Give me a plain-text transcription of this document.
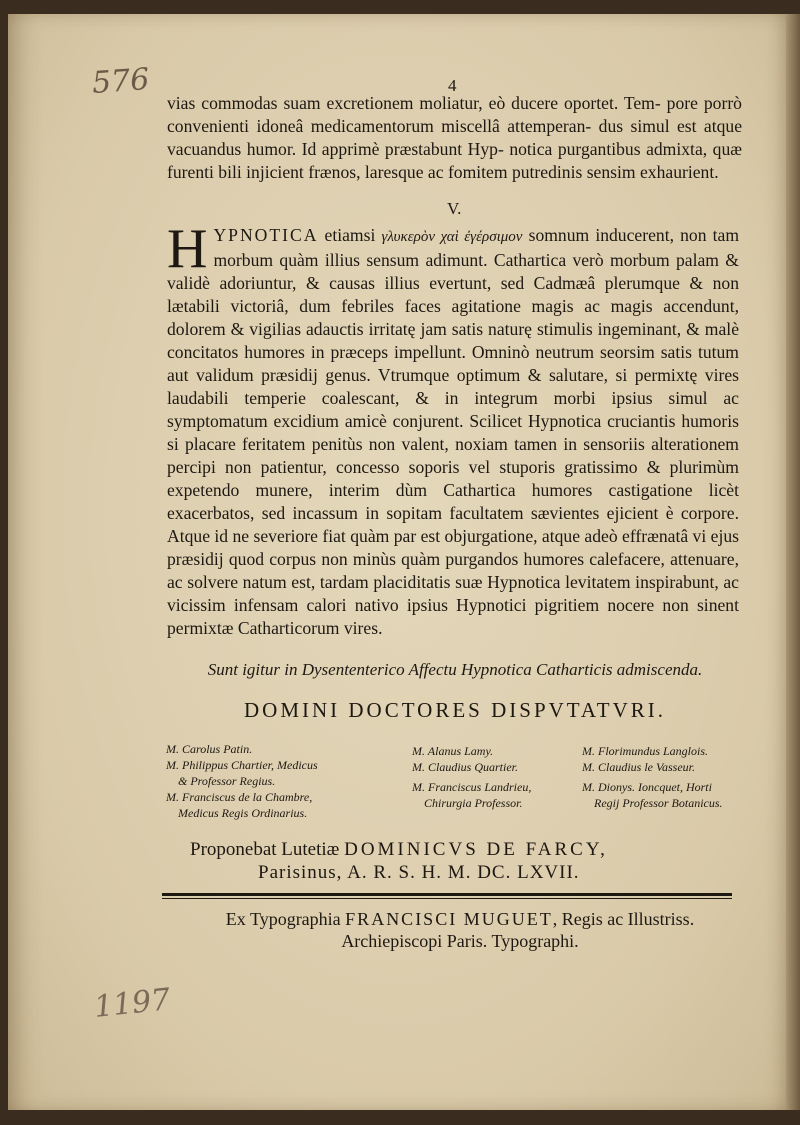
576
1197
4
vias commodas suam excretionem moliatur, eò ducere oportet. Tem- pore porrò convenienti idoneâ medicamentorum miscellâ attemperan- dus simul est atque vacuandus humor. Id apprimè præstabunt Hyp- notica purgantibus admixta, quæ furenti bili injicient frænos, laresque ac fomitem putredinis sensim exhaurient.
V.
HYPNOTICA etiamsi γλυκερὸν χαὶ ἐγέρσιμον somnum inducerent, non tam morbum quàm illius sensum adimunt. Cathartica verò morbum palam & validè adoriuntur, & causas illius evertunt, sed Cadmæâ plerumque & non lætabili victoriâ, dum febriles faces agitatione magis ac magis accendunt, dolorem & vigilias adauctis irritatę jam satis naturę stimulis ingeminant, & malè concitatos humores in præceps impellunt. Omninò neutrum seorsim satis tutum aut validum præsidij genus. Vtrumque optimum & salutare, si permixtę vires laudabili temperie coalescant, & in integrum morbi ipsius simul ac symptomatum excidium amicè conjurent. Scilicet Hypnotica cruciantis humoris si placare feritatem penitùs non valent, noxiam tamen in sensoriis alterationem percipi non patientur, concesso soporis vel stuporis gratissimo & plurimùm expetendo munere, interim dùm Cathartica humores castigatione licèt exacerbatos, sed incassum in sopitam facultatem sævientes ejicient è corpore. Atque id ne severiore fiat quàm par est objurgatione, atque adeò effrænatâ vi ejus præsidij quod corpus non minùs quàm purgandos humores calefacere, attenuare, ac solvere natum est, tardam placiditatis suæ Hypnotica levitatem inspirabunt, ac vicissim infensam calori nativo ipsius Hypnotici pigritiem nocere non sinent permixtæ Catharticorum vires.
Sunt igitur in Dysententerico Affectu Hypnotica Catharticis admiscenda.
DOMINI DOCTORES DISPVTATVRI.
M. Carolus Patin.
M. Philippus Chartier, Medicus
& Professor Regius.
M. Franciscus de la Chambre,
Medicus Regis Ordinarius.
M. Alanus Lamy.
M. Claudius Quartier.
M. Franciscus Landrieu,
Chirurgia Professor.
M. Florimundus Langlois.
M. Claudius le Vasseur.
M. Dionys. Ioncquet, Horti
Regij Professor Botanicus.
Proponebat Lutetiæ DOMINICVS DE FARCY,
Parisinus, A. R. S. H. M. DC. LXVII.
Ex Typographia FRANCISCI MUGUET, Regis ac Illustriss.
Archiepiscopi Paris. Typographi.
